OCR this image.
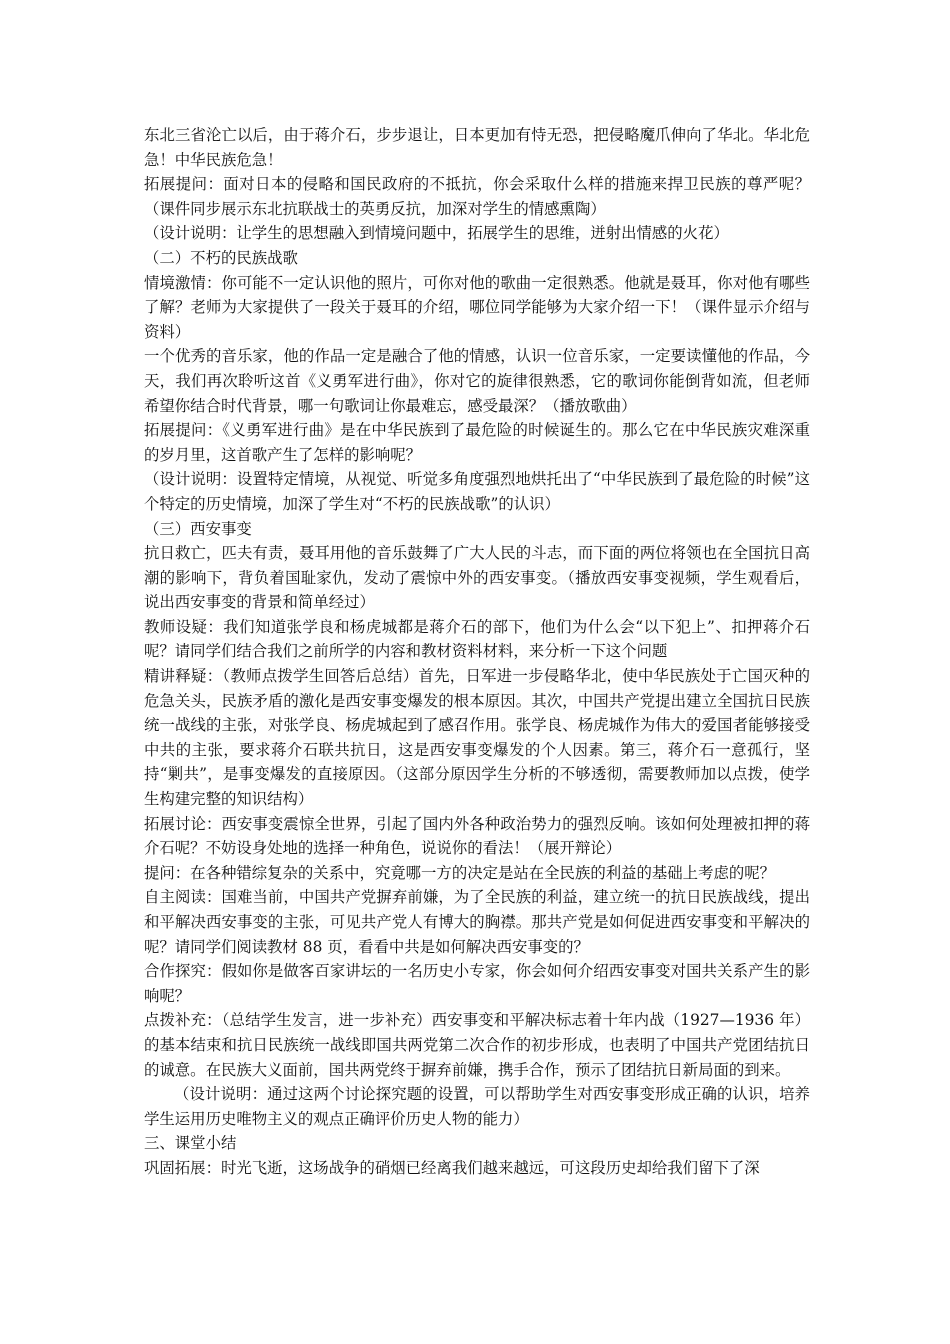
东北三省沦亡以后，由于蒋介石，步步退让，日本更加有恃无恐，把侵略魔爪伸向了华北。华北危急！中华民族危急！

拓展提问：面对日本的侵略和国民政府的不抵抗，你会采取什么样的措施来捍卫民族的尊严呢？（课件同步展示东北抗联战士的英勇反抗，加深对学生的情感熏陶）

（设计说明：让学生的思想融入到情境问题中，拓展学生的思维，迸射出情感的火花）

（二）不朽的民族战歌

情境激情：你可能不一定认识他的照片，可你对他的歌曲一定很熟悉。他就是聂耳，你对他有哪些了解？老师为大家提供了一段关于聂耳的介绍，哪位同学能够为大家介绍一下！（课件显示介绍与资料）

一个优秀的音乐家，他的作品一定是融合了他的情感，认识一位音乐家，一定要读懂他的作品，今天，我们再次聆听这首《义勇军进行曲》，你对它的旋律很熟悉，它的歌词你能倒背如流，但老师希望你结合时代背景，哪一句歌词让你最难忘，感受最深？（播放歌曲）

拓展提问：《义勇军进行曲》是在中华民族到了最危险的时候诞生的。那么它在中华民族灾难深重的岁月里，这首歌产生了怎样的影响呢？

（设计说明：设置特定情境，从视觉、听觉多角度强烈地烘托出了“中华民族到了最危险的时候”这个特定的历史情境，加深了学生对“不朽的民族战歌”的认识）

（三）西安事变

抗日救亡，匹夫有责，聂耳用他的音乐鼓舞了广大人民的斗志，而下面的两位将领也在全国抗日高潮的影响下，背负着国耻家仇，发动了震惊中外的西安事变。（播放西安事变视频，学生观看后，说出西安事变的背景和简单经过）

教师设疑：我们知道张学良和杨虎城都是蒋介石的部下，他们为什么会“以下犯上”、扣押蒋介石呢？请同学们结合我们之前所学的内容和教材资料材料，来分析一下这个问题

精讲释疑：（教师点拨学生回答后总结）首先，日军进一步侵略华北，使中华民族处于亡国灭种的危急关头，民族矛盾的激化是西安事变爆发的根本原因。其次，中国共产党提出建立全国抗日民族统一战线的主张，对张学良、杨虎城起到了感召作用。张学良、杨虎城作为伟大的爱国者能够接受中共的主张，要求蒋介石联共抗日，这是西安事变爆发的个人因素。第三，蒋介石一意孤行，坚持“剿共”，是事变爆发的直接原因。（这部分原因学生分析的不够透彻，需要教师加以点拨，使学生构建完整的知识结构）

拓展讨论：西安事变震惊全世界，引起了国内外各种政治势力的强烈反响。该如何处理被扣押的蒋介石呢？不妨设身处地的选择一种角色，说说你的看法！（展开辩论）

提问：在各种错综复杂的关系中，究竟哪一方的决定是站在全民族的利益的基础上考虑的呢？

自主阅读：国难当前，中国共产党摒弃前嫌，为了全民族的利益，建立统一的抗日民族战线，提出和平解决西安事变的主张，可见共产党人有博大的胸襟。那共产党是如何促进西安事变和平解决的呢？请同学们阅读教材 88 页，看看中共是如何解决西安事变的？

合作探究：假如你是做客百家讲坛的一名历史小专家，你会如何介绍西安事变对国共关系产生的影响呢？

点拨补充：（总结学生发言，进一步补充）西安事变和平解决标志着十年内战（1927—1936 年）的基本结束和抗日民族统一战线即国共两党第二次合作的初步形成，也表明了中国共产党团结抗日的诚意。在民族大义面前，国共两党终于摒弃前嫌，携手合作，预示了团结抗日新局面的到来。

（设计说明：通过这两个讨论探究题的设置，可以帮助学生对西安事变形成正确的认识，培养学生运用历史唯物主义的观点正确评价历史人物的能力）

三、课堂小结

巩固拓展：时光飞逝，这场战争的硝烟已经离我们越来越远，可这段历史却给我们留下了深
